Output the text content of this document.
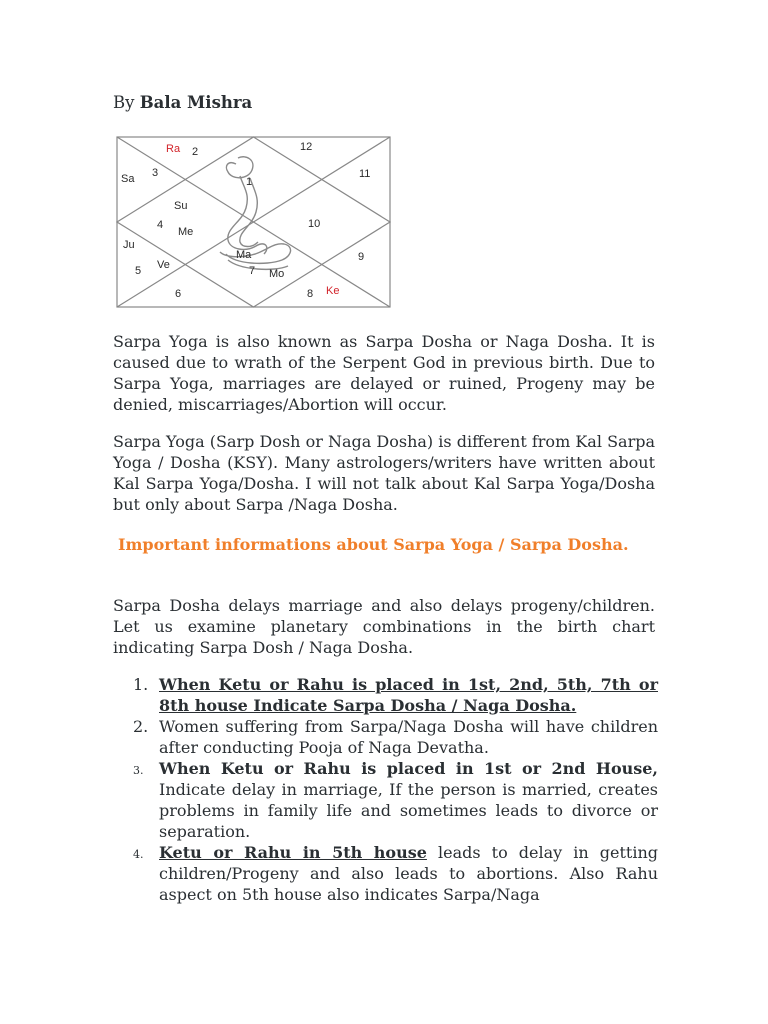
By Bala Mishra
Ra
Sa
Su
Me
Ju
Ve
Ma
Mo
Ke
1
2
3
4
5
6
7
8
9
10
11
12

Sarpa Yoga is also known as Sarpa Dosha or Naga Dosha. It is caused due to wrath of the Serpent God in previous birth. Due to Sarpa Yoga, marriages are delayed or ruined, Progeny may be denied, miscarriages/Abortion will occur.

Sarpa Yoga (Sarp Dosh or Naga Dosha) is different from Kal Sarpa Yoga / Dosha (KSY). Many astrologers/writers have written about Kal Sarpa Yoga/Dosha. I will not talk about Kal Sarpa Yoga/Dosha but only about Sarpa /Naga Dosha.

Important informations about Sarpa Yoga / Sarpa Dosha.

Sarpa Dosha delays marriage and also delays progeny/children. Let us examine planetary combinations in the birth chart indicating Sarpa Dosh / Naga Dosha.

1. When Ketu or Rahu is placed in 1st, 2nd, 5th, 7th or 8th house Indicate Sarpa Dosha / Naga Dosha.

2. Women suffering from Sarpa/Naga Dosha will have children after conducting Pooja of Naga Devatha.

3. When Ketu or Rahu is placed in 1st or 2nd House, Indicate delay in marriage, If the person is married, creates problems in family life and sometimes leads to divorce or separation.

4. Ketu or Rahu in 5th house leads to delay in getting children/Progeny and also leads to abortions. Also Rahu aspect on 5th house also indicates Sarpa/Naga
